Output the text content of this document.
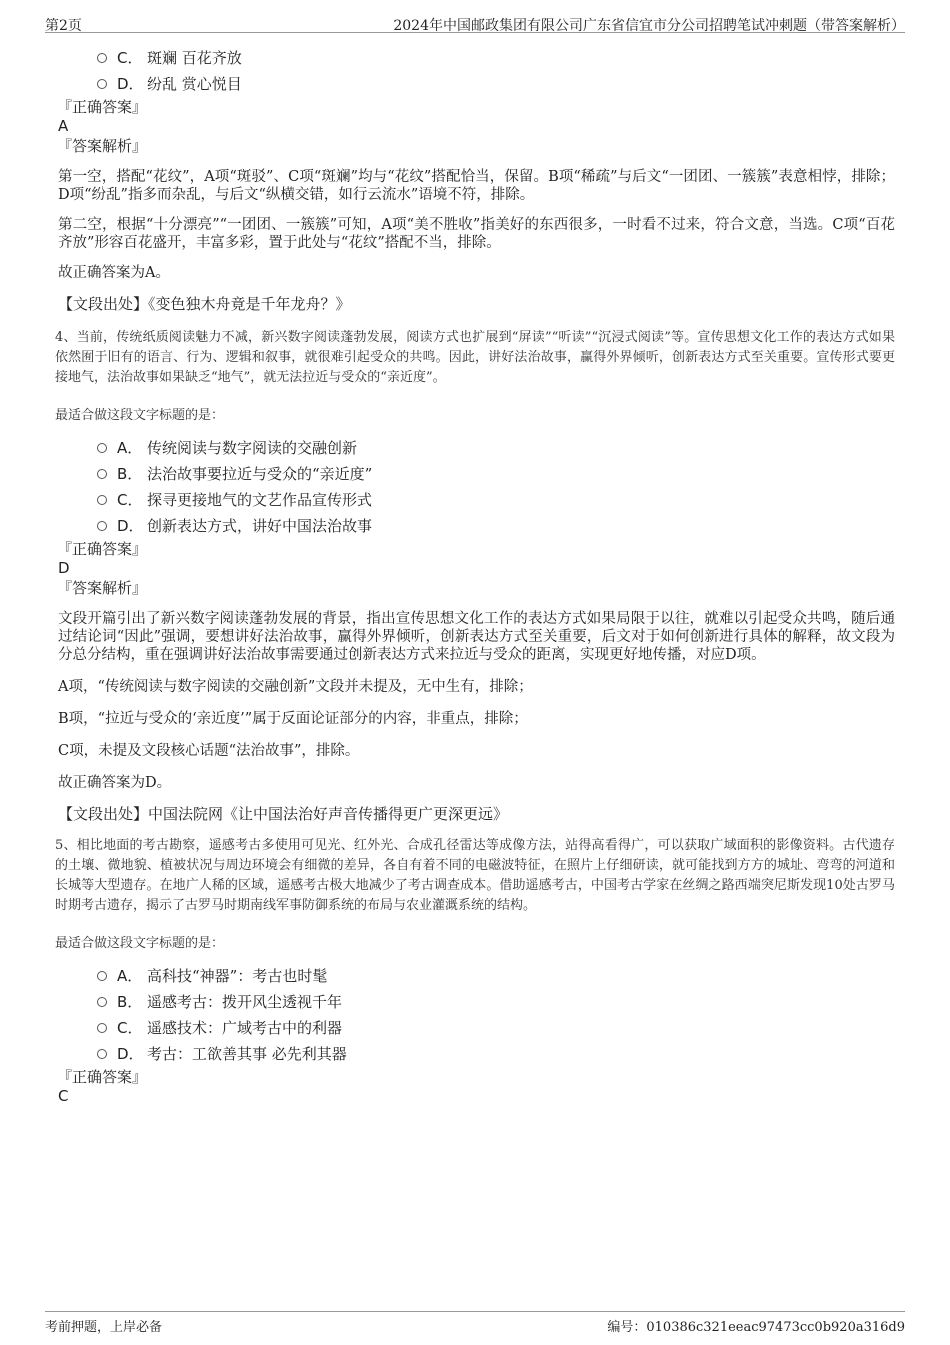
第2页	2024年中国邮政集团有限公司广东省信宜市分公司招聘笔试冲刺题（带答案解析）
C． 斑斓 百花齐放
D． 纷乱 赏心悦目
『正确答案』
A
『答案解析』
第一空，搭配“花纹”，A项“斑驳”、C项“斑斓”均与“花纹”搭配恰当，保留。B项“稀疏”与后文“一团团、一簇簇”表意相悖，排除；D项“纷乱”指多而杂乱，与后文“纵横交错，如行云流水”语境不符，排除。
第二空，根据“十分漂亮”“一团团、一簇簇”可知，A项“美不胜收”指美好的东西很多，一时看不过来，符合文意，当选。C项“百花齐放”形容百花盛开，丰富多彩，置于此处与“花纹”搭配不当，排除。
故正确答案为A。
【文段出处】《变色独木舟竟是千年龙舟？》
4、当前，传统纸质阅读魅力不减，新兴数字阅读蓬勃发展，阅读方式也扩展到“屏读”“听读”“沉浸式阅读”等。宣传思想文化工作的表达方式如果依然囿于旧有的语言、行为、逻辑和叙事，就很难引起受众的共鸣。因此，讲好法治故事，赢得外界倾听，创新表达方式至关重要。宣传形式要更接地气，法治故事如果缺乏“地气”，就无法拉近与受众的“亲近度”。
最适合做这段文字标题的是：
A． 传统阅读与数字阅读的交融创新
B． 法治故事要拉近与受众的“亲近度”
C． 探寻更接地气的文艺作品宣传形式
D． 创新表达方式，讲好中国法治故事
『正确答案』
D
『答案解析』
文段开篇引出了新兴数字阅读蓬勃发展的背景，指出宣传思想文化工作的表达方式如果局限于以往，就难以引起受众共鸣，随后通过结论词“因此”强调，要想讲好法治故事，赢得外界倾听，创新表达方式至关重要，后文对于如何创新进行具体的解释，故文段为分总分结构，重在强调讲好法治故事需要通过创新表达方式来拉近与受众的距离，实现更好地传播，对应D项。
A项，“传统阅读与数字阅读的交融创新”文段并未提及，无中生有，排除；
B项，“拉近与受众的‘亲近度’”属于反面论证部分的内容，非重点，排除；
C项，未提及文段核心话题“法治故事”，排除。
故正确答案为D。
【文段出处】中国法院网《让中国法治好声音传播得更广更深更远》
5、相比地面的考古勘察，遥感考古多使用可见光、红外光、合成孔径雷达等成像方法，站得高看得广，可以获取广域面积的影像资料。古代遗存的土壤、微地貌、植被状况与周边环境会有细微的差异，各自有着不同的电磁波特征，在照片上仔细研读，就可能找到方方的城址、弯弯的河道和长城等大型遗存。在地广人稀的区域，遥感考古极大地减少了考古调查成本。借助遥感考古，中国考古学家在丝绸之路西端突尼斯发现10处古罗马时期考古遗存，揭示了古罗马时期南线军事防御系统的布局与农业灌溉系统的结构。
最适合做这段文字标题的是：
A． 高科技“神器”：考古也时髦
B． 遥感考古：拨开风尘透视千年
C． 遥感技术：广域考古中的利器
D． 考古：工欲善其事 必先利其器
『正确答案』
C
考前押题，上岸必备	编号：010386c321eeac97473cc0b920a316d9
